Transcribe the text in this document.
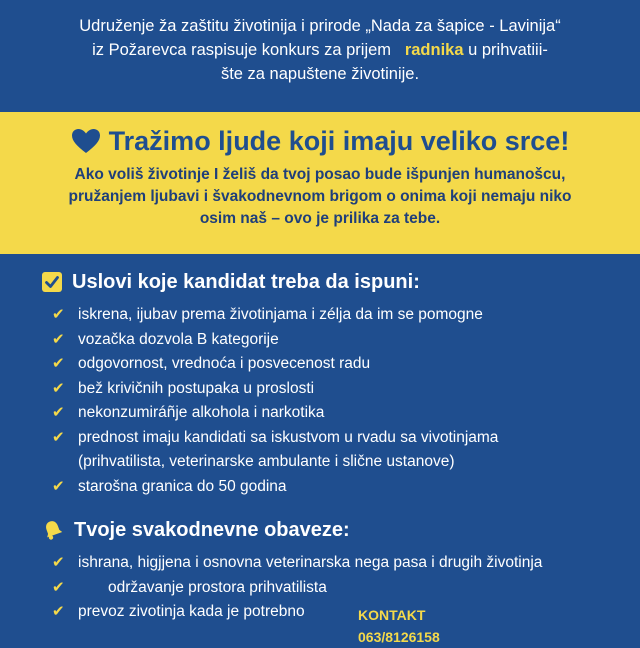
Udruženje ža zaštitu životinija i prirode „Nada za šapice - Lavinija“
iz Požarevca raspisuje konkurs za prijem radnika u prihvatiii-
šte za napuštene životinije.
Tražimo ljude koji imaju veliko srce!
Ako voliš životinje I želiš da tvoj posao bude išpunjen humanošcu,
pružanjem ljubavi i švakodnevnom brigom o onima koji nemaju niko
osim naš – ovo je prilika za tebe.
Uslovi koje kandidat treba da ispuni:
✔ iskrena, ijubav prema životinjama i zélja da im se pomogne
✔ vozačka dozvola B kategorije
✔ odgovornost, vrednoća i posvecenost radu
✔ bež krivičnih postupaka u proslosti
✔ nekonzumiráñje alkohola i narkotika
✔ prednost imaju kandidati sa iskustvom u rvadu sa vivotinjama
(prihvatilista, veterinarske ambulante i slične ustanove)
✔ starošna granica do 50 godina
Tvoje svakodnevne obaveze:
✔ ishrana, higjjena i osnovna veterinarska nega pasa i drugih životinja
✔	održavanje prostora prihvatilista
✔ prevoz zivotinja kada je potrebno	KONTAKT
063/8126158
